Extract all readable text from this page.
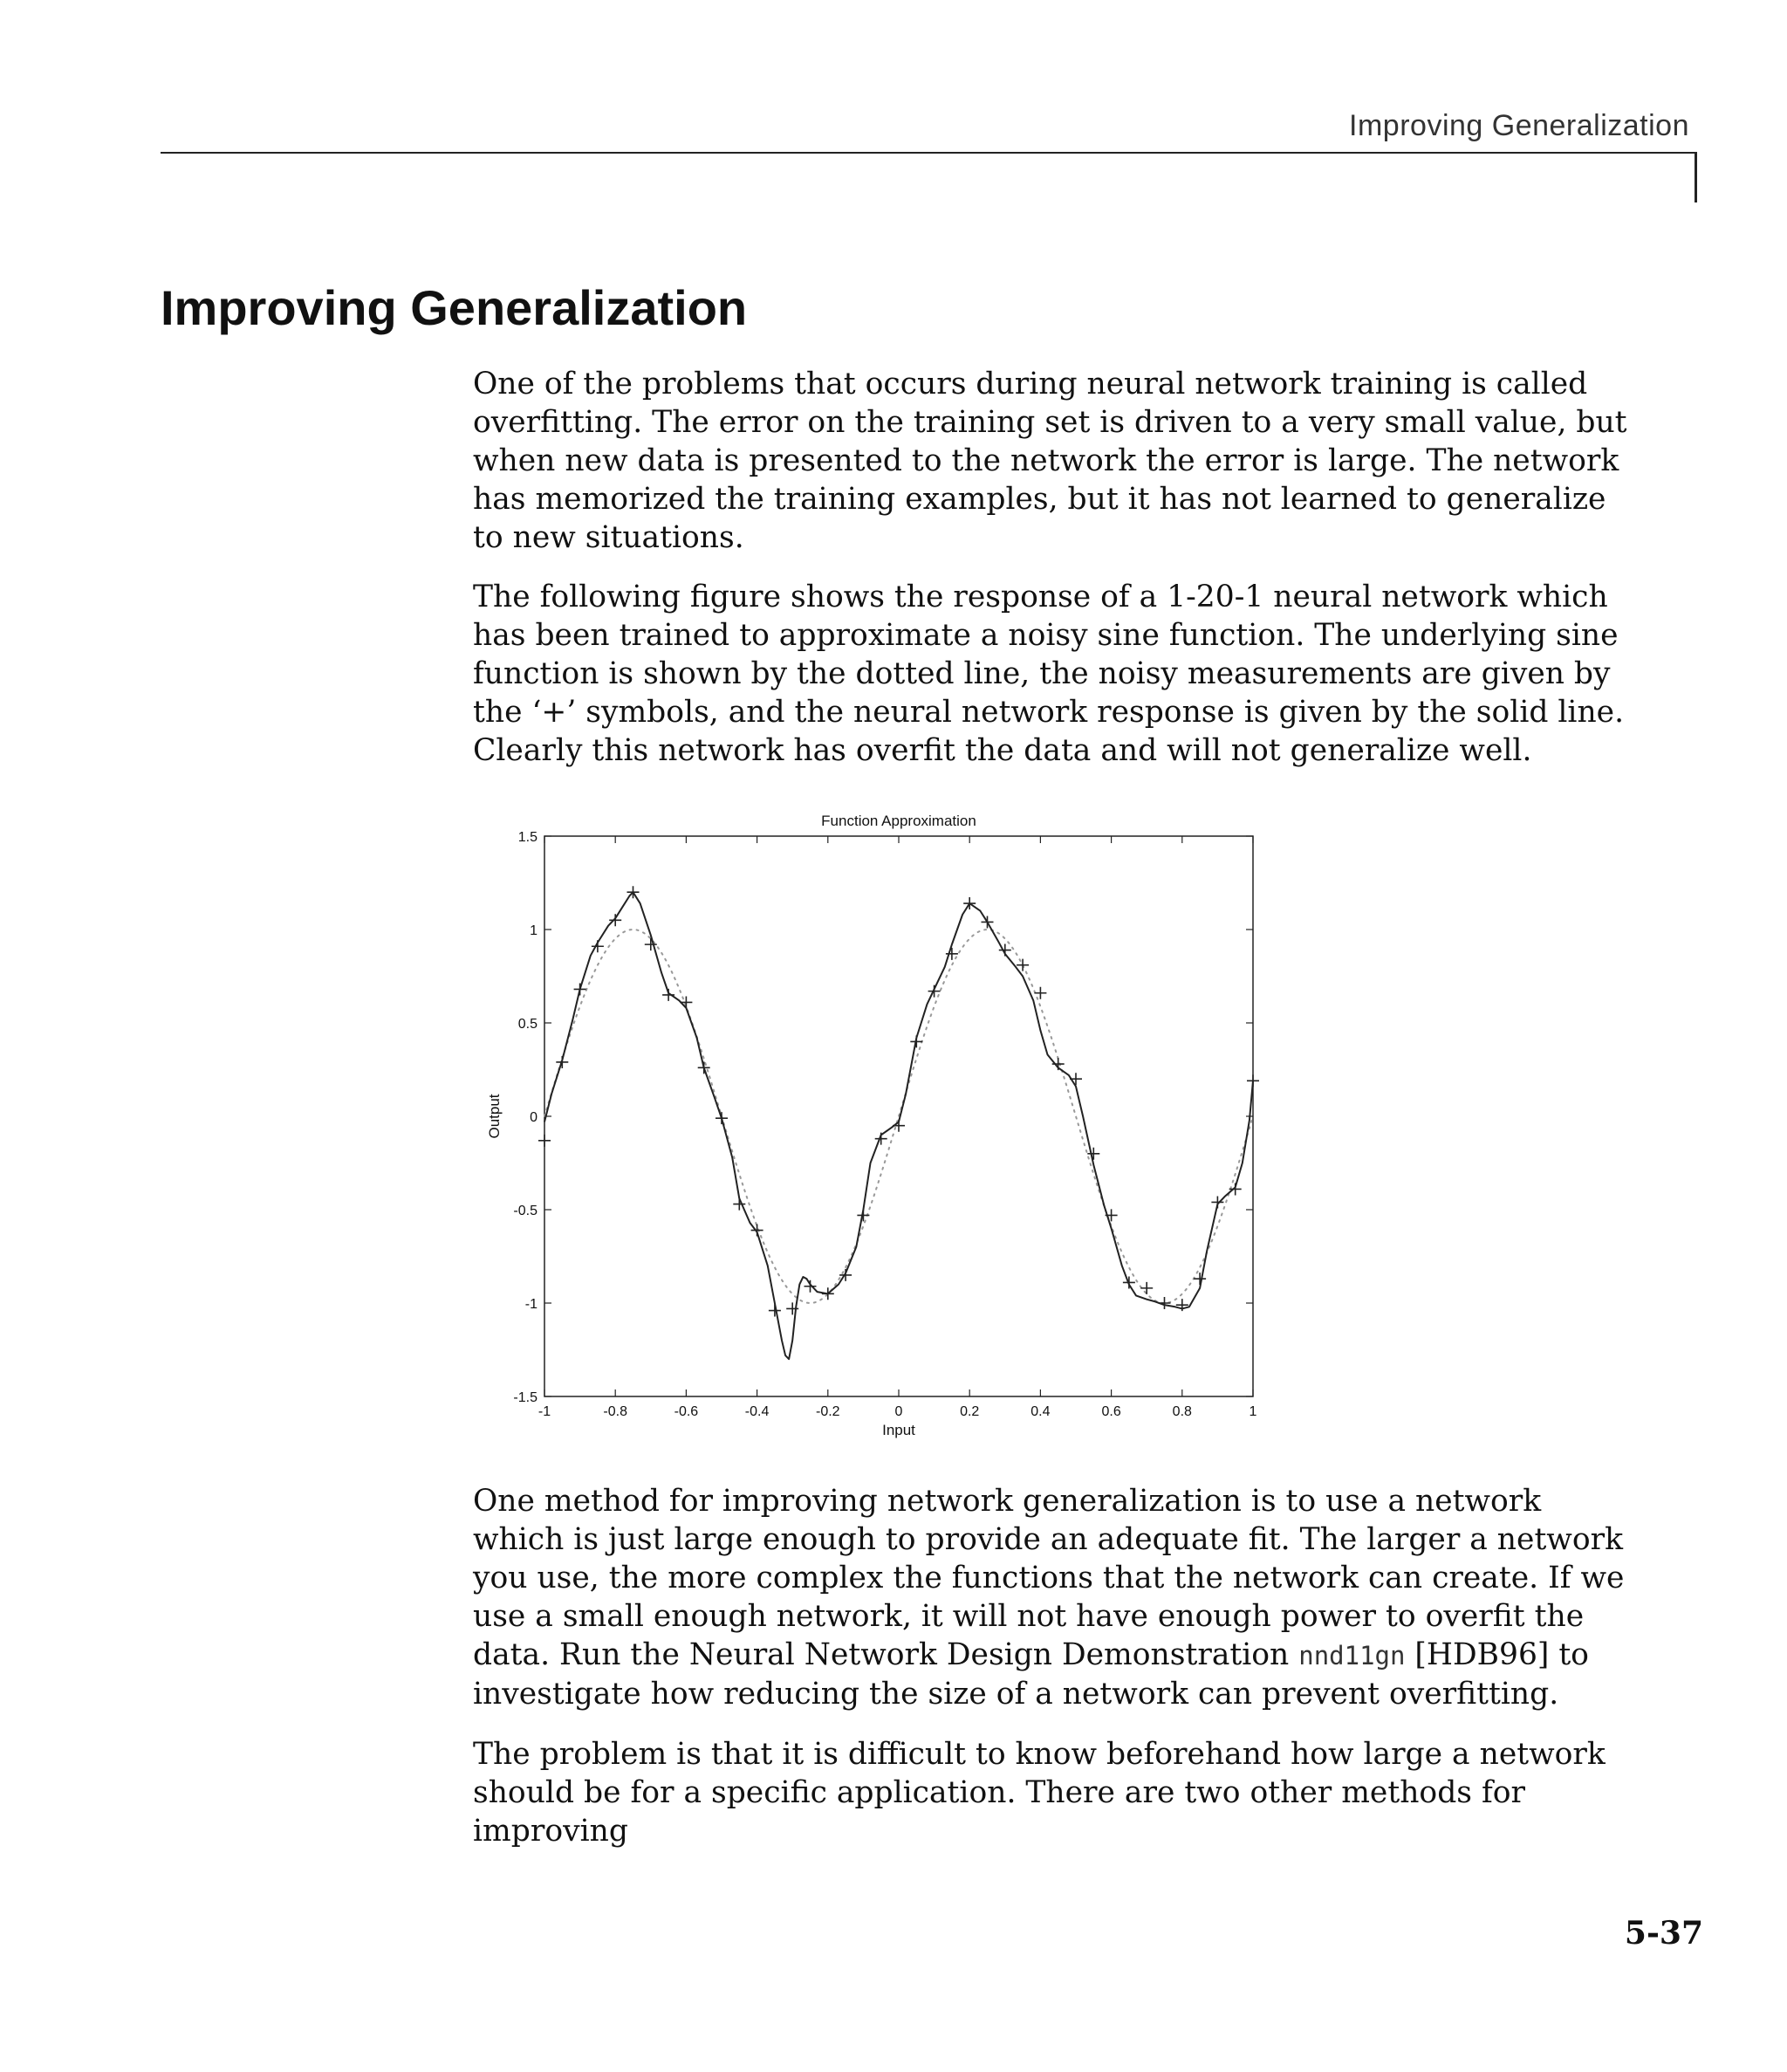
Improving Generalization
Improving Generalization

One of the problems that occurs during neural network training is called overfitting. The error on the training set is driven to a very small value, but when new data is presented to the network the error is large. The network has memorized the training examples, but it has not learned to generalize to new situations.

The following figure shows the response of a 1-20-1 neural network which has been trained to approximate a noisy sine function. The underlying sine function is shown by the dotted line, the noisy measurements are given by the ‘+’ symbols, and the neural network response is given by the solid line. Clearly this network has overfit the data and will not generalize well.

-1	-0.8	-0.6	-0.4	-0.2	0	0.2	0.4	0.6	0.8	1
-1.5
-1
-0.5
0
0.5
1
1.5
Function Approximation
Input
Output

One method for improving network generalization is to use a network which is just large enough to provide an adequate fit. The larger a network you use, the more complex the functions that the network can create. If we use a small enough network, it will not have enough power to overfit the data. Run the Neural Network Design Demonstration nnd11gn [HDB96] to investigate how reducing the size of a network can prevent overfitting.

The problem is that it is difficult to know beforehand how large a network should be for a specific application. There are two other methods for improving

5-37
